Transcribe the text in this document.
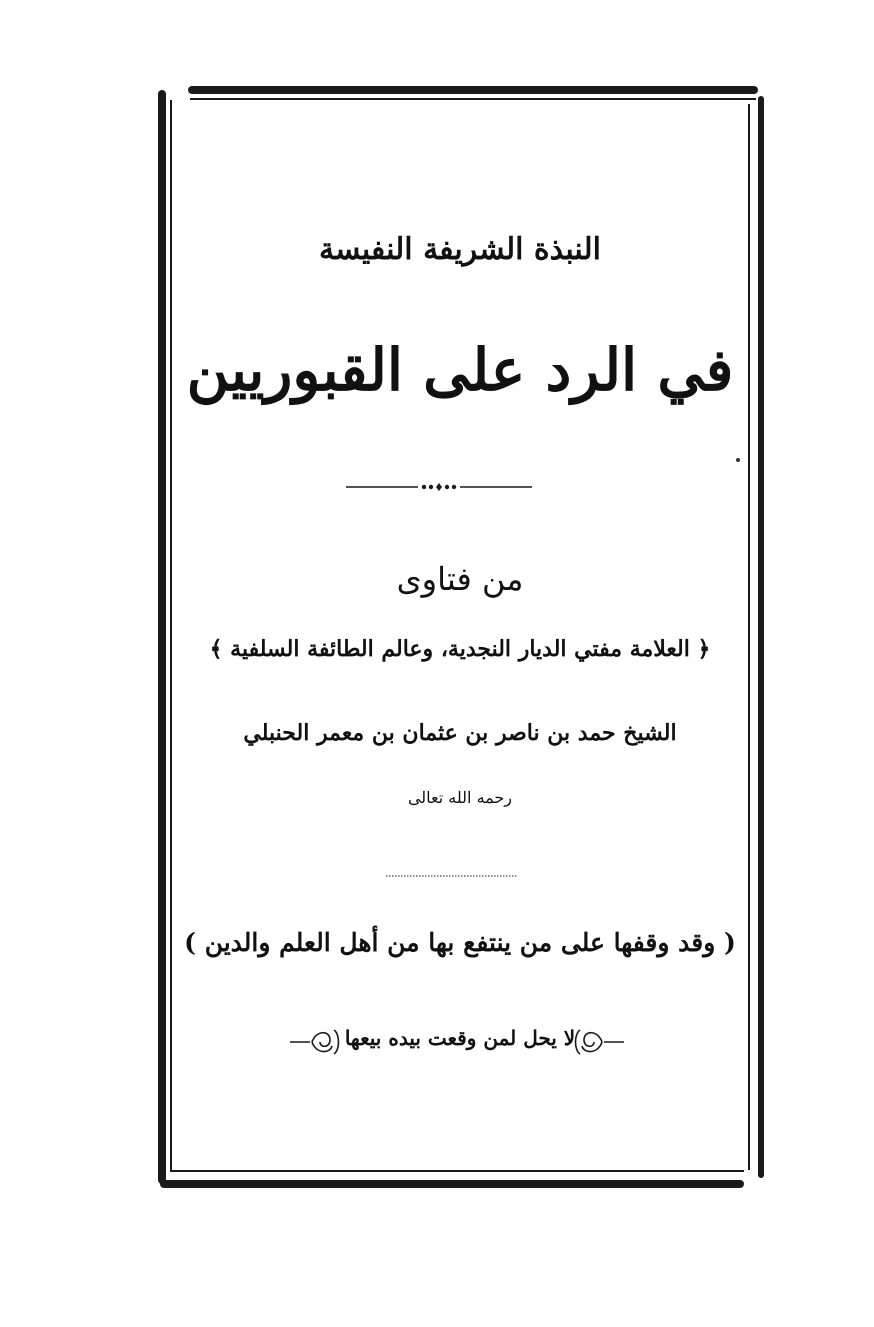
النبذة الشريفة النفيسة
في الرد على القبوريين
من فتاوى
﴿ العلامة مفتي الديار النجدية، وعالم الطائفة السلفية ﴾
الشيخ حمد بن ناصر بن عثمان بن معمر الحنبلي
رحمه الله تعالى
( وقد وقفها على من ينتفع بها من أهل العلم والدين )
لا يحل لمن وقعت بيده بيعها
